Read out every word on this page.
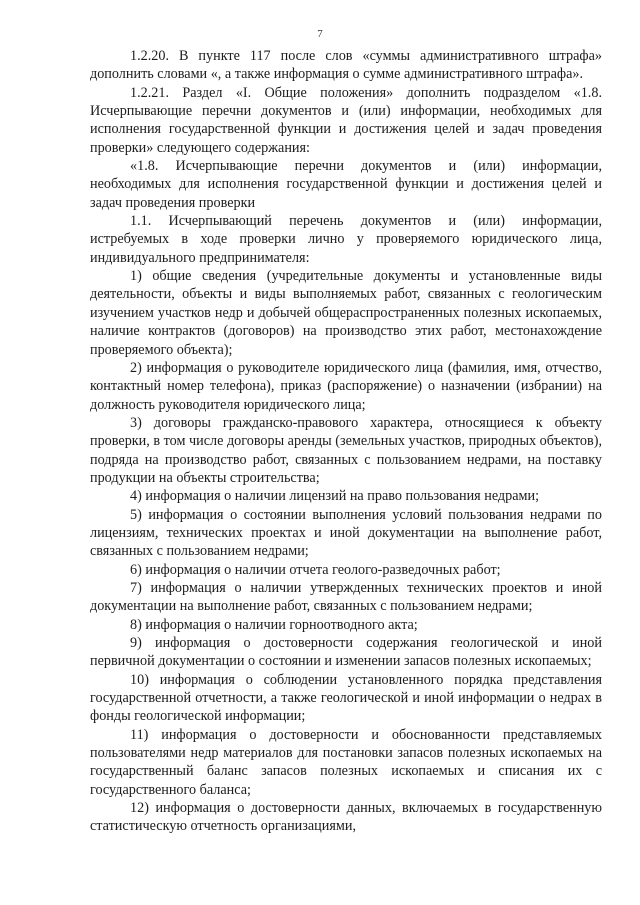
7

1.2.20. В пункте 117 после слов «суммы административного штрафа» дополнить словами «, а также информация о сумме административного штрафа».

1.2.21. Раздел «I. Общие положения» дополнить подразделом «1.8. Исчерпывающие перечни документов и (или) информации, необходимых для исполнения государственной функции и достижения целей и задач проведения проверки» следующего содержания:

«1.8. Исчерпывающие перечни документов и (или) информации, необходимых для исполнения государственной функции и достижения целей и задач проведения проверки

1.1. Исчерпывающий перечень документов и (или) информации, истребуемых в ходе проверки лично у проверяемого юридического лица, индивидуального предпринимателя:

1) общие сведения (учредительные документы и установленные виды деятельности, объекты и виды выполняемых работ, связанных с геологическим изучением участков недр и добычей общераспространенных полезных ископаемых, наличие контрактов (договоров) на производство этих работ, местонахождение проверяемого объекта);

2) информация о руководителе юридического лица (фамилия, имя, отчество, контактный номер телефона), приказ (распоряжение) о назначении (избрании) на должность руководителя юридического лица;

3) договоры гражданско-правового характера, относящиеся к объекту проверки, в том числе договоры аренды (земельных участков, природных объектов), подряда на производство работ, связанных с пользованием недрами, на поставку продукции на объекты строительства;

4) информация о наличии лицензий на право пользования недрами;

5) информация о состоянии выполнения условий пользования недрами по лицензиям, технических проектах и иной документации на выполнение работ, связанных с пользованием недрами;

6) информация о наличии отчета геолого-разведочных работ;

7) информация о наличии утвержденных технических проектов и иной документации на выполнение работ, связанных с пользованием недрами;

8) информация о наличии горноотводного акта;

9) информация о достоверности содержания геологической и иной первичной документации о состоянии и изменении запасов полезных ископаемых;

10) информация о соблюдении установленного порядка представления государственной отчетности, а также геологической и иной информации о недрах в фонды геологической информации;

11) информация о достоверности и обоснованности представляемых пользователями недр материалов для постановки запасов полезных ископаемых на государственный баланс запасов полезных ископаемых и списания их с государственного баланса;

12) информация о достоверности данных, включаемых в государственную статистическую отчетность организациями,
